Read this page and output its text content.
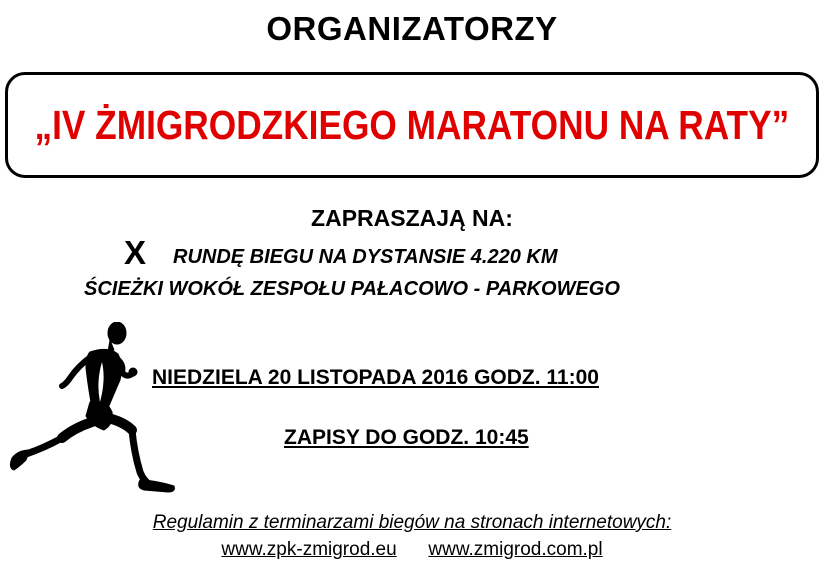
ORGANIZATORZY
„IV ŻMIGRODZKIEGO MARATONU NA RATY”
ZAPRASZAJĄ NA:
X RUNDĘ BIEGU NA DYSTANSIE 4.220 KM
ŚCIEŻKI WOKÓŁ ZESPOŁU PAŁACOWO - PARKOWEGO
NIEDZIELA 20 LISTOPADA 2016 GODZ. 11:00
ZAPISY DO GODZ. 10:45
Regulamin z terminarzami biegów na stronach internetowych:
www.zpk-zmigrod.eu www.zmigrod.com.pl
